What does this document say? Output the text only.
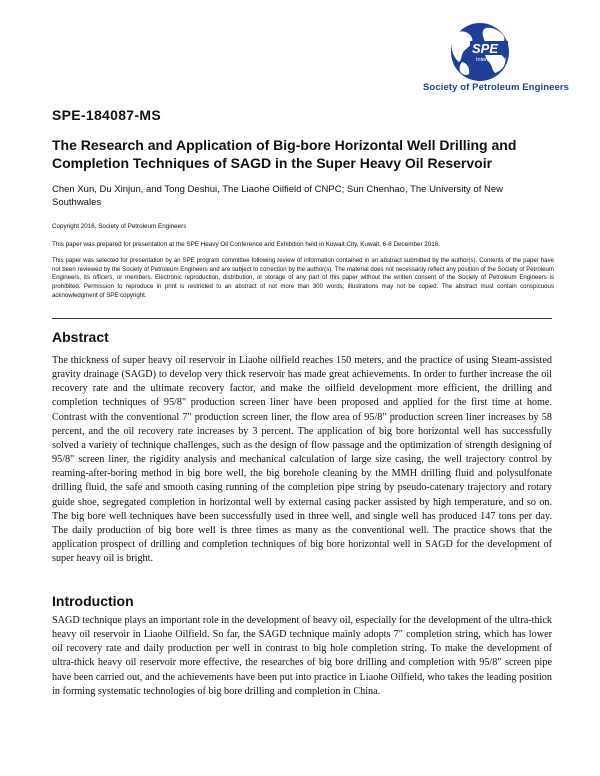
SPE
International
Society of Petroleum Engineers
SPE-184087-MS
The Research and Application of Big-bore Horizontal Well Drilling and Completion Techniques of SAGD in the Super Heavy Oil Reservoir
Chen Xun, Du Xinjun, and Tong Deshui, The Liaohe Oilfield of CNPC; Sun Chenhao, The University of New Southwales
Copyright 2016, Society of Petroleum Engineers
This paper was prepared for presentation at the SPE Heavy Oil Conference and Exhibition held in Kuwait City, Kuwait, 6-8 December 2016.
This paper was selected for presentation by an SPE program committee following review of information contained in an abstract submitted by the author(s). Contents of the paper have not been reviewed by the Society of Petroleum Engineers and are subject to correction by the author(s). The material does not necessarily reflect any position of the Society of Petroleum Engineers, its officers, or members. Electronic reproduction, distribution, or storage of any part of this paper without the written consent of the Society of Petroleum Engineers is prohibited. Permission to reproduce in print is restricted to an abstract of not more than 300 words; illustrations may not be copied. The abstract must contain conspicuous acknowledgment of SPE copyright.
Abstract
The thickness of super heavy oil reservoir in Liaohe oilfield reaches 150 meters, and the practice of using Steam-assisted gravity drainage (SAGD) to develop very thick reservoir has made great achievements. In order to further increase the oil recovery rate and the ultimate recovery factor, and make the oilfield development more efficient, the drilling and completion techniques of 95/8" production screen liner have been proposed and applied for the first time at home. Contrast with the conventional 7" production screen liner, the flow area of 95/8" production screen liner increases by 58 percent, and the oil recovery rate increases by 3 percent. The application of big bore horizontal well has successfully solved a variety of technique challenges, such as the design of flow passage and the optimization of strength designing of 95/8" screen liner, the rigidity analysis and mechanical calculation of large size casing, the well trajectory control by reaming-after-boring method in big bore well, the big borehole cleaning by the MMH drilling fluid and polysulfonate drilling fluid, the safe and smooth casing running of the completion pipe string by pseudo-catenary trajectory and rotary guide shoe, segregated completion in horizontal well by external casing packer assisted by high temperature, and so on. The big bore well techniques have been successfully used in three well, and single well has produced 147 tons per day. The daily production of big bore well is three times as many as the conventional well. The practice shows that the application prospect of drilling and completion techniques of big bore horizontal well in SAGD for the development of super heavy oil is bright.
Introduction
SAGD technique plays an important role in the development of heavy oil, especially for the development of the ultra-thick heavy oil reservoir in Liaohe Oilfield. So far, the SAGD technique mainly adopts 7″ completion string, which has lower oil recovery rate and daily production per well in contrast to big hole completion string. To make the development of ultra-thick heavy oil reservoir more effective, the researches of big bore drilling and completion with 95/8″ screen pipe have been carried out, and the achievements have been put into practice in Liaohe Oilfield, who takes the leading position in forming systematic technologies of big bore drilling and completion in China.
